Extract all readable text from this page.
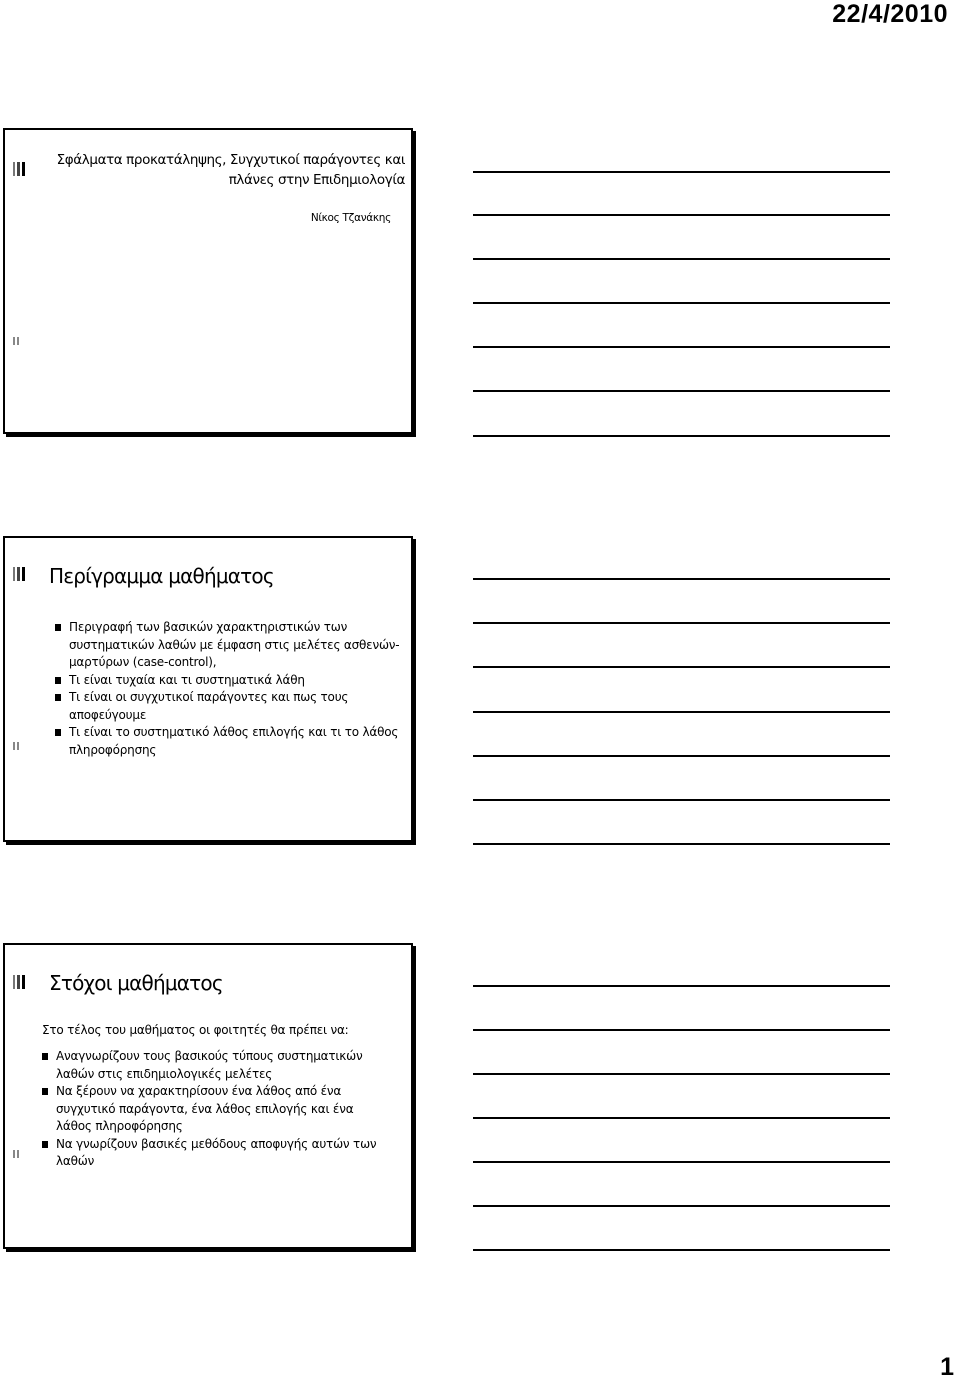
22/4/2010
Σφάλματα προκατάληψης, Συγχυτικοί παράγοντες και
πλάνες στην Επιδημιολογία
Νίκος Τζανάκης
Περίγραμμα μαθήματος
Περιγραφή των βασικών χαρακτηριστικών των συστηματικών λαθών με έμφαση στις μελέτες ασθενών-μαρτύρων (case-control),
Τι είναι τυχαία και τι συστηματικά λάθη
Τι είναι οι συγχυτικοί παράγοντες και πως τους αποφεύγουμε
Τι είναι το συστηματικό λάθος επιλογής και τι το λάθος πληροφόρησης
Στόχοι μαθήματος
Στο τέλος του μαθήματος οι φοιτητές θα πρέπει να:
Αναγνωρίζουν τους βασικούς τύπους συστηματικών λαθών στις επιδημιολογικές μελέτες
Να ξέρουν να χαρακτηρίσουν ένα λάθος από ένα συγχυτικό παράγοντα, ένα λάθος επιλογής και ένα λάθος πληροφόρησης
Να γνωρίζουν βασικές μεθόδους αποφυγής αυτών των λαθών
1
